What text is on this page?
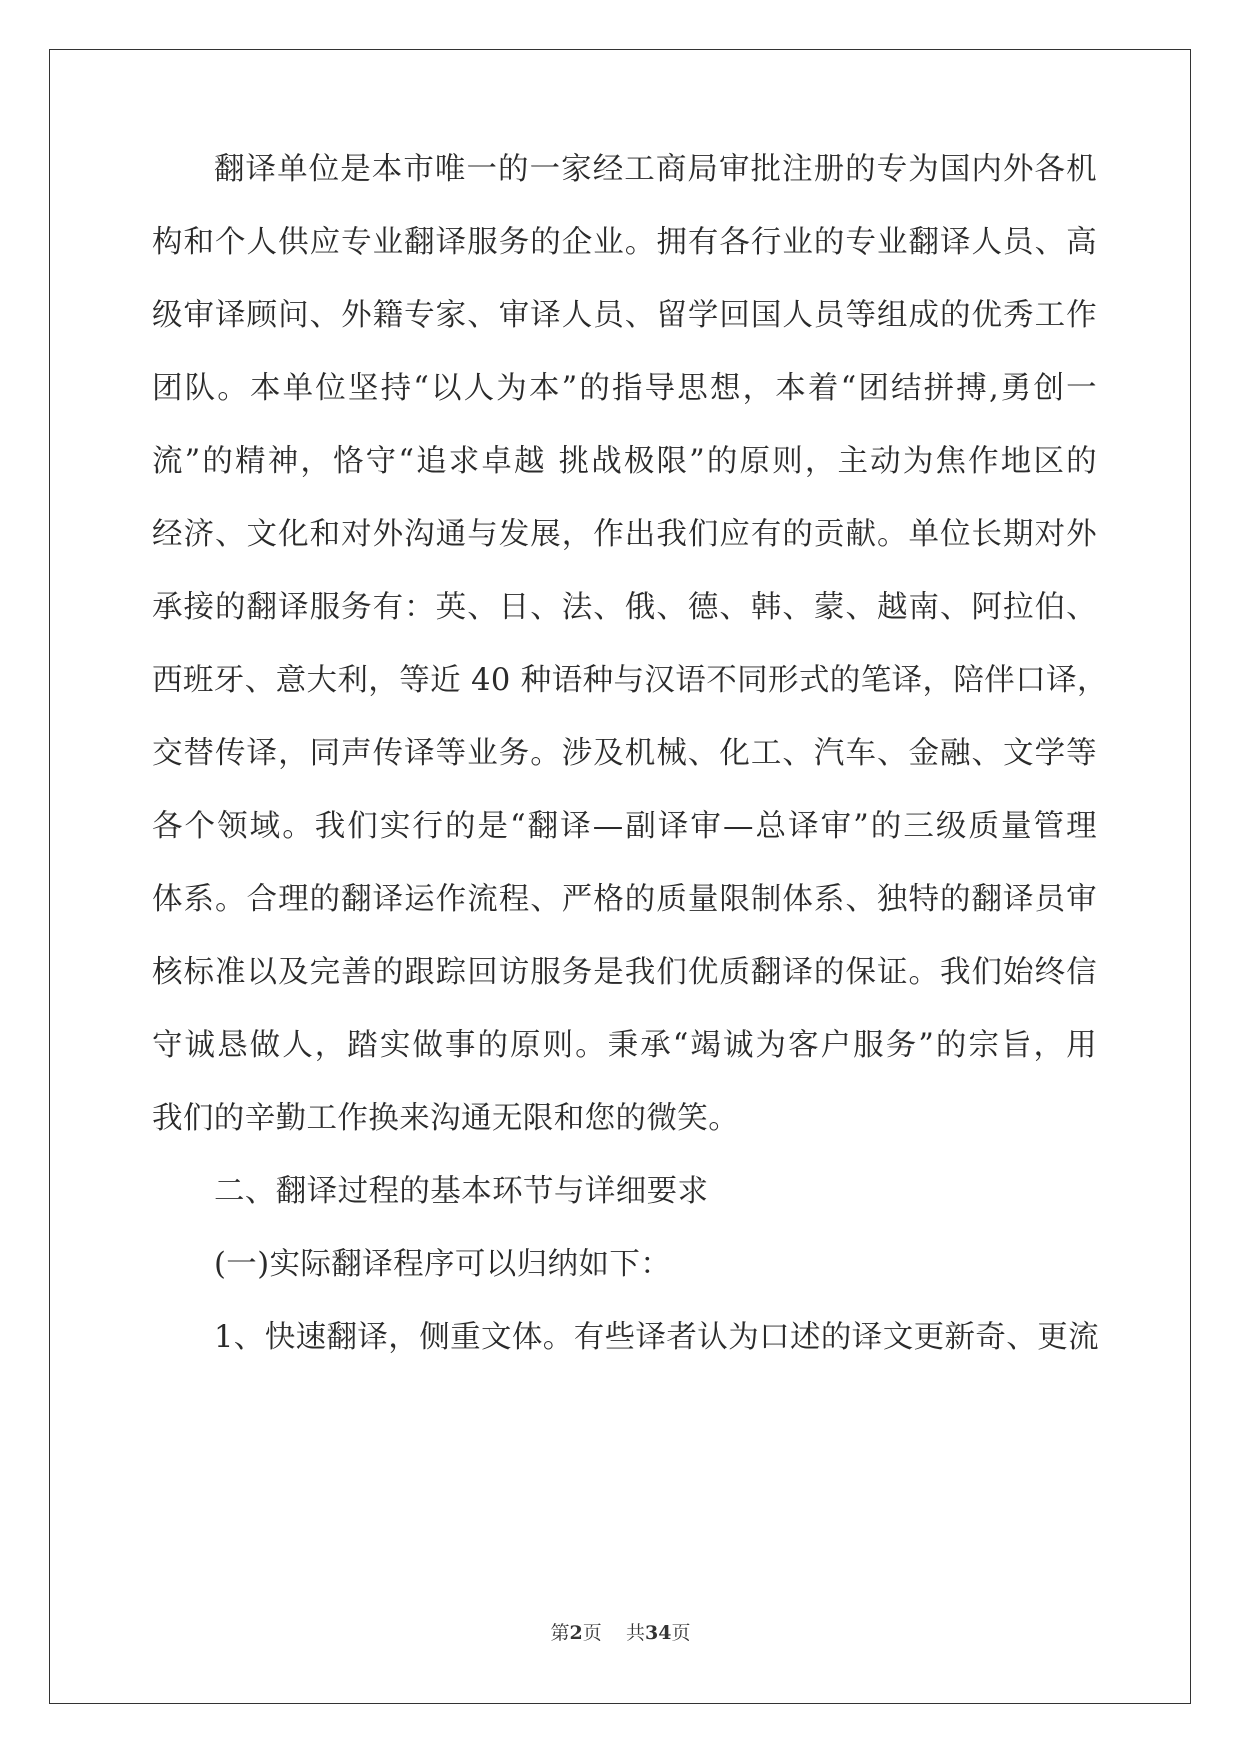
翻译单位是本市唯一的一家经工商局审批注册的专为国内外各机
构和个人供应专业翻译服务的企业。拥有各行业的专业翻译人员、高
级审译顾问、外籍专家、审译人员、留学回国人员等组成的优秀工作
团队。本单位坚持“以人为本”的指导思想，本着“团结拼搏,勇创一
流”的精神，恪守“追求卓越 挑战极限”的原则，主动为焦作地区的
经济、文化和对外沟通与发展，作出我们应有的贡献。单位长期对外
承接的翻译服务有：英、日、法、俄、德、韩、蒙、越南、阿拉伯、
西班牙、意大利，等近 40 种语种与汉语不同形式的笔译，陪伴口译，
交替传译，同声传译等业务。涉及机械、化工、汽车、金融、文学等
各个领域。我们实行的是“翻译—副译审—总译审”的三级质量管理
体系。合理的翻译运作流程、严格的质量限制体系、独特的翻译员审
核标准以及完善的跟踪回访服务是我们优质翻译的保证。我们始终信
守诚恳做人，踏实做事的原则。秉承“竭诚为客户服务”的宗旨，用
我们的辛勤工作换来沟通无限和您的微笑。
二、翻译过程的基本环节与详细要求
(一)实际翻译程序可以归纳如下：
1、快速翻译，侧重文体。有些译者认为口述的译文更新奇、更流
第2页 共34页
